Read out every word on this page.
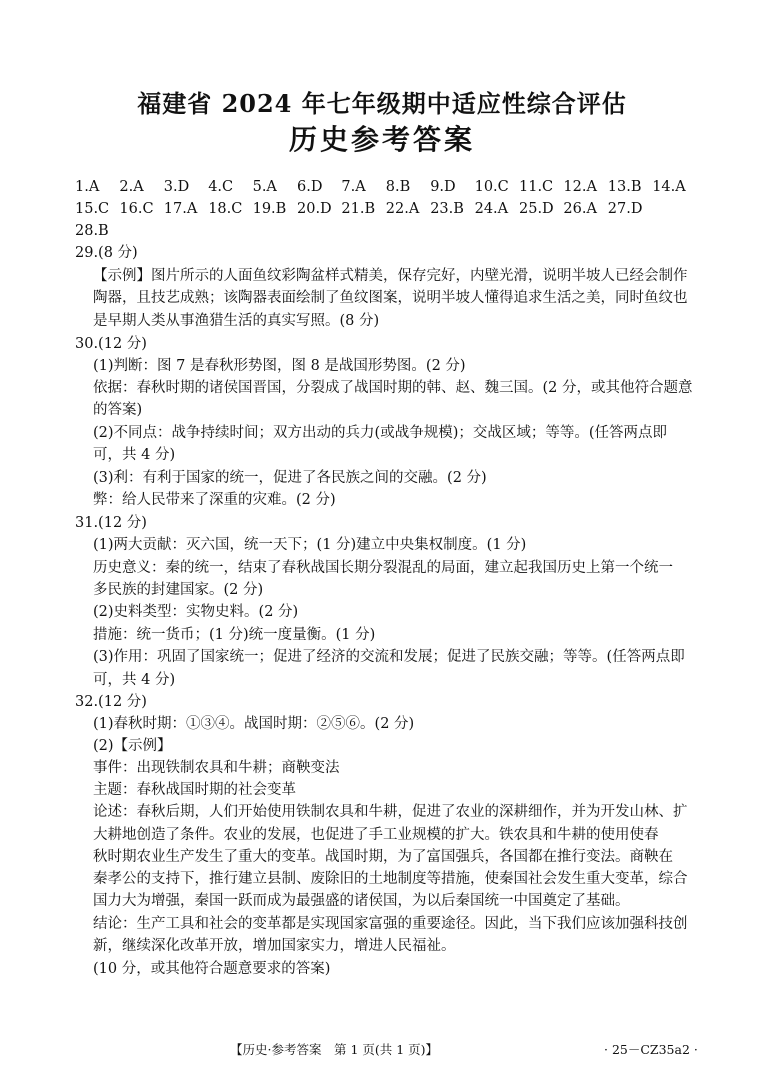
福建省 2024 年七年级期中适应性综合评估
历史参考答案
1.A 2.A 3.D 4.C 5.A 6.D 7.A 8.B 9.D 10.C 11.C 12.A 13.B 14.A
15.C 16.C 17.A 18.C 19.B 20.D 21.B 22.A 23.B 24.A 25.D 26.A 27.D
28.B
29.(8 分)
【示例】图片所示的人面鱼纹彩陶盆样式精美，保存完好，内壁光滑，说明半坡人已经会制作
陶器，且技艺成熟；该陶器表面绘制了鱼纹图案，说明半坡人懂得追求生活之美，同时鱼纹也
是早期人类从事渔猎生活的真实写照。(8 分)
30.(12 分)
(1)判断：图 7 是春秋形势图，图 8 是战国形势图。(2 分)
依据：春秋时期的诸侯国晋国，分裂成了战国时期的韩、赵、魏三国。(2 分，或其他符合题意
的答案)
(2)不同点：战争持续时间；双方出动的兵力(或战争规模)；交战区域；等等。(任答两点即
可，共 4 分)
(3)利：有利于国家的统一，促进了各民族之间的交融。(2 分)
弊：给人民带来了深重的灾难。(2 分)
31.(12 分)
(1)两大贡献：灭六国，统一天下；(1 分)建立中央集权制度。(1 分)
历史意义：秦的统一，结束了春秋战国长期分裂混乱的局面，建立起我国历史上第一个统一
多民族的封建国家。(2 分)
(2)史料类型：实物史料。(2 分)
措施：统一货币；(1 分)统一度量衡。(1 分)
(3)作用：巩固了国家统一；促进了经济的交流和发展；促进了民族交融；等等。(任答两点即
可，共 4 分)
32.(12 分)
(1)春秋时期：①③④。战国时期：②⑤⑥。(2 分)
(2)【示例】
事件：出现铁制农具和牛耕；商鞅变法
主题：春秋战国时期的社会变革
论述：春秋后期，人们开始使用铁制农具和牛耕，促进了农业的深耕细作，并为开发山林、扩
大耕地创造了条件。农业的发展，也促进了手工业规模的扩大。铁农具和牛耕的使用使春
秋时期农业生产发生了重大的变革。战国时期，为了富国强兵，各国都在推行变法。商鞅在
秦孝公的支持下，推行建立县制、废除旧的土地制度等措施，使秦国社会发生重大变革，综合
国力大为增强，秦国一跃而成为最强盛的诸侯国，为以后秦国统一中国奠定了基础。
结论：生产工具和社会的变革都是实现国家富强的重要途径。因此，当下我们应该加强科技创
新，继续深化改革开放，增加国家实力，增进人民福祉。
(10 分，或其他符合题意要求的答案)
【历史·参考答案　第 1 页(共 1 页)】	· 25－CZ35a2 ·
